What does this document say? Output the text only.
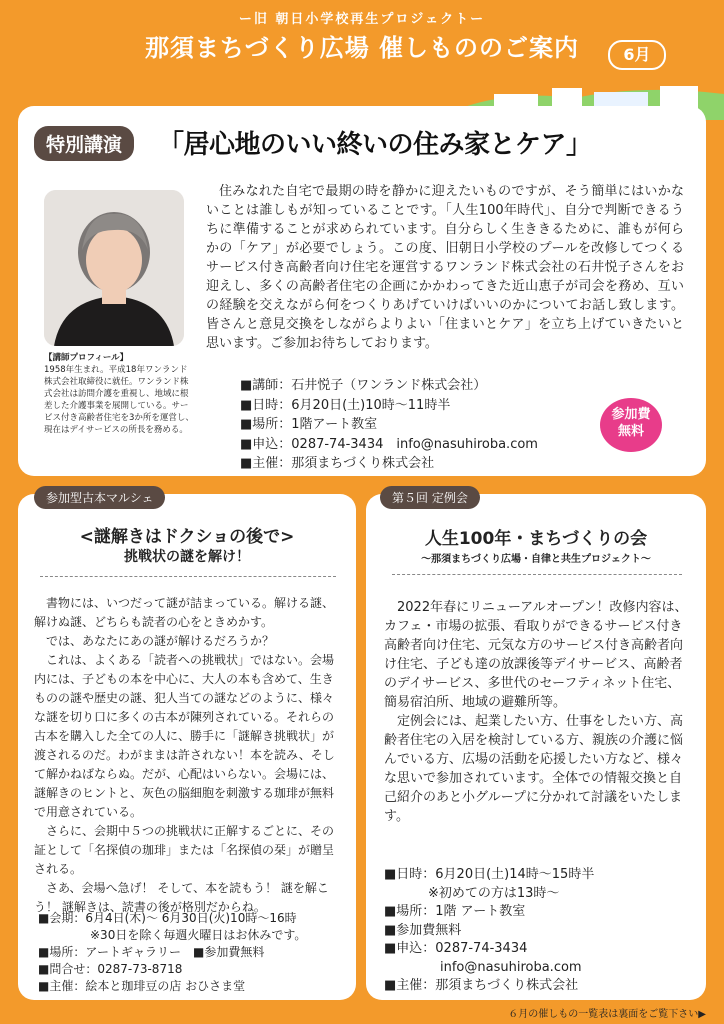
ー旧 朝日小学校再生プロジェクトー
那須まちづくり広場 催しもののご案内	6月
特別講演	「居心地のいい終いの住み家とケア」
【講師プロフィール】
1958年生まれ。平成18年ワンランド株式会社取締役に就任。ワンランド株式会社は訪問介護を重視し、地域に根差した介護事業を展開している。サービス付き高齢者住宅を3か所を運営し、現在はデイサービスの所長を務める。

住みなれた自宅で最期の時を静かに迎えたいものですが、そう簡単にはいかないことは誰しもが知っていることです。「人生100年時代」、自分で判断できるうちに準備することが求められています。自分らしく生ききるために、誰もが何らかの「ケア」が必要でしょう。この度、旧朝日小学校のプールを改修してつくるサービス付き高齢者向け住宅を運営するワンランド株式会社の石井悦子さんをお迎えし、多くの高齢者住宅の企画にかかわってきた近山恵子が司会を務め、互いの経験を交えながら何をつくりあげていけばいいのかについてお話し致します。皆さんと意見交換をしながらよりよい「住まいとケア」を立ち上げていきたいと思います。ご参加お待ちしております。

■講師：石井悦子（ワンランド株式会社）
■日時：6月20日(土)10時～11時半
■場所：1階アート教室
■申込：0287-74-3434　info@nasuhiroba.com
■主催：那須まちづくり株式会社
参加費
無料
参加型古本マルシェ
<謎解きはドクショの後で>
挑戦状の謎を解け！

書物には、いつだって謎が詰まっている。解ける謎、解けぬ謎、どちらも読者の心をときめかす。

では、あなたにあの謎が解けるだろうか？

これは、よくある「読者への挑戦状」ではない。会場内には、子どもの本を中心に、大人の本も含めて、生きものの謎や歴史の謎、犯人当ての謎などのように、様々な謎を切り口に多くの古本が陳列されている。それらの古本を購入した全ての人に、勝手に「謎解き挑戦状」が渡されるのだ。わがままは許されない！本を読み、そして解かねばならぬ。だが、心配はいらない。会場には、謎解きのヒントと、灰色の脳細胞を刺激する珈琲が無料で用意されている。

さらに、会期中５つの挑戦状に正解するごとに、その証として「名探偵の珈琲」または「名探偵の栞」が贈呈される。

さあ、会場へ急げ！ そして、本を読もう！ 謎を解こう！ 謎解きは、読書の後が格別だからね。

■会期：6月4日(木)～ 6月30日(火)10時～16時
※30日を除く毎週火曜日はお休みです。
■場所：アートギャラリー　■参加費無料
■問合せ：0287-73-8718
■主催：絵本と珈琲豆の店 おひさま堂
第５回 定例会
人生100年・まちづくりの会
〜那須まちづくり広場・自律と共生プロジェクト〜

2022年春にリニューアルオープン！改修内容は、カフェ・市場の拡張、看取りができるサービス付き高齢者向け住宅、元気な方のサービス付き高齢者向け住宅、子ども達の放課後等デイサービス、高齢者のデイサービス、多世代のセーフティネット住宅、簡易宿泊所、地域の避難所等。

定例会には、起業したい方、仕事をしたい方、高齢者住宅の入居を検討している方、親族の介護に悩んでいる方、広場の活動を応援したい方など、様々な思いで参加されています。全体での情報交換と自己紹介のあと小グループに分かれて討議をいたします。

■日時：6月20日(土)14時～15時半
※初めての方は13時～
■場所：1階 アート教室
■参加費無料
■申込：0287-74-3434
info@nasuhiroba.com
■主催：那須まちづくり株式会社
６月の催しもの一覧表は裏面をご覧下さい▶
